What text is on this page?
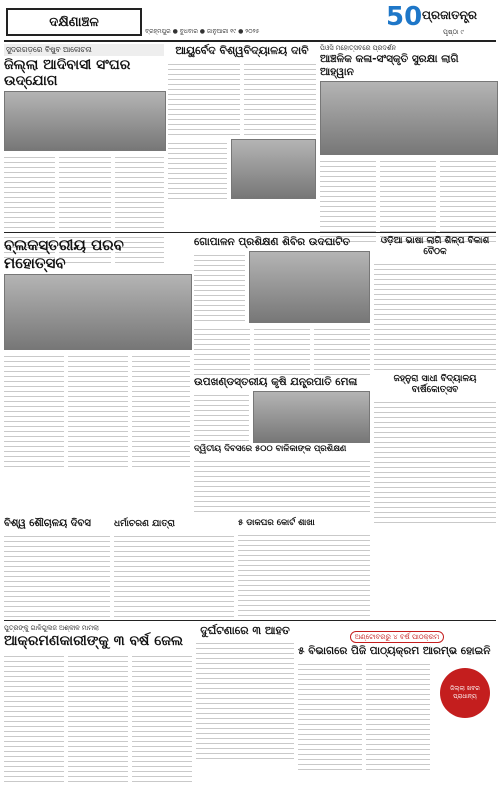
ଦକ୍ଷିଣାଞ୍ଚଳ
ବ୍ରହ୍ମପୁର ● ବୁଧବାର ● ଜାନୁଆରୀ ୧୯ ● ୨୦୨୫	50 ପ୍ରଜାତନ୍ତ୍ର
ପୃଷ୍ଠା ୯
ସୁଦରଗଡ଼ରେ ବିଷୁବ ଆଳୋଚନା
ଜିଲ୍ଲା ଆଦିବାସୀ ସଂଘର ଉଦ୍‌ଯୋଗ
ଆୟୁର୍ବେଦ ବିଶ୍ୱବିଦ୍ୟାଳୟ ଦାବି	ପିଓସି ମହୋତ୍ସବରେ ପ୍ରଦର୍ଶନ
ଆଞ୍ଚଳିକ କଳା-ସଂସ୍କୃତି ସୁରକ୍ଷା ଲାଗି ଆହ୍ୱାନ
ବ୍ଲକସ୍ତରୀୟ ପରବ ମହୋତ୍ସବ
ଗୋପାଳନ ପ୍ରଶିକ୍ଷଣ ଶିବିର ଉଦଘାଟିତ
ଉପଖଣ୍ଡସ୍ତରୀୟ କୃଷି ଯନ୍ତ୍ରପାତି ମେଳା
ଓଡ଼ିଆ ଭାଷା ଲାଗି ଶିଳ୍ପ ବିକାଶ ବୈଠକ
ଜହ୍ନୁରା ସାଧୀ ବିଦ୍ୟାଳୟ ବାର୍ଷିକୋତ୍ସବ
ଦ୍ୱିତୀୟ ଦିବସରେ ୫୦୦ ବାଳିକାଙ୍କ ପ୍ରଶିକ୍ଷଣ
ବିଶ୍ୱ ଶୌଚାଳୟ ଦିବସ	ଧର୍ମାଚରଣ ଯାତ୍ରା	୫ ଡାକଘର କୋର୍ଟ ଶାଖା
ପୁତ୍ରଙ୍କୁ ଗାଳିଗୁଲଜ ଅଶ୍ଳୀଳ ମାମଲା
ଆକ୍ରମଣକାରୀଙ୍କୁ ୩ ବର୍ଷ ଜେଲ
ଦୁର୍ଘଟଣାରେ ୩ ଆହତ	ଅଣ୍ଟୋବରରୁ ୪ ବର୍ଷ ପାଠକ୍ରମ
୫ ବିଭାଗରେ ପିଜି ପାଠ୍ୟକ୍ରମ ଆରମ୍ଭ ହୋଇନି
ଜିଲ୍ଲା ଖବର ପ୍ରାଧାନ୍ୟ
